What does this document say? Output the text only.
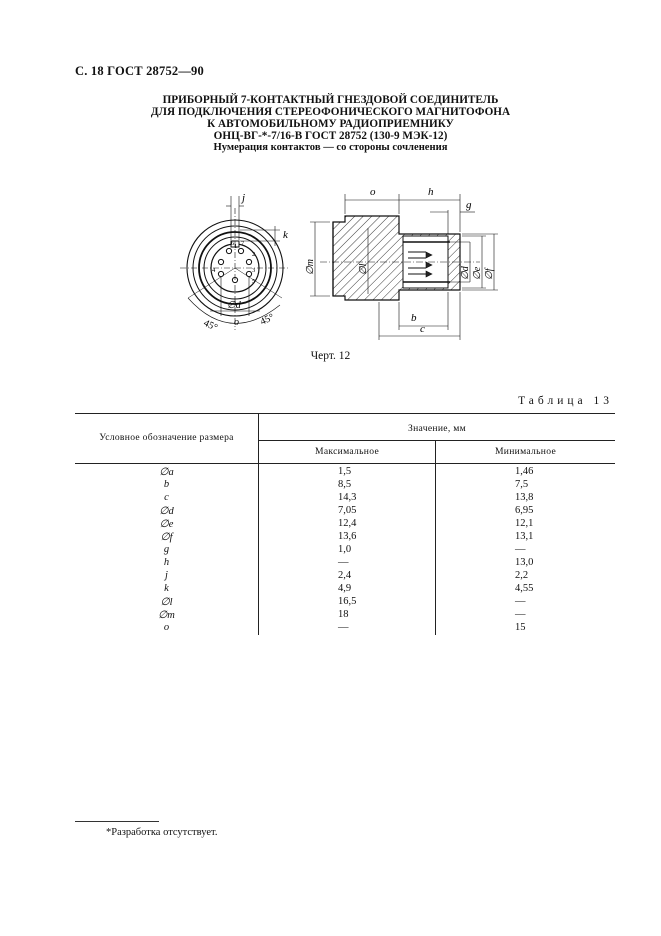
С. 18 ГОСТ 28752—90
ПРИБОРНЫЙ 7-КОНТАКТНЫЙ ГНЕЗДОВОЙ СОЕДИНИТЕЛЬ
ДЛЯ ПОДКЛЮЧЕНИЯ СТЕРЕОФОНИЧЕСКОГО МАГНИТОФОНА
К АВТОМОБИЛЬНОМУ РАДИОПРИЕМНИКУ
ОНЦ-ВГ-*-7/16-В ГОСТ 28752 (130-9 МЭК-12)
Нумерация контактов — со стороны сочленения
j
k
∅d
o
1
2
3
4
5
6 7
45°	45°
o	h
g
∅m	∅l	∅d ∅e ∅f
b
c
Черт. 12
Таблица 13
Условное обозначение размера
Значение, мм
Максимальное	Минимальное
∅a	1,5	1,46
b	8,5	7,5
c	14,3	13,8
∅d	7,05	6,95
∅e	12,4	12,1
∅f	13,6	13,1
g	1,0	—
h	—	13,0
j	2,4	2,2
k	4,9	4,55
∅l	16,5	—
∅m	18	—
o	—	15
*Разработка отсутствует.
